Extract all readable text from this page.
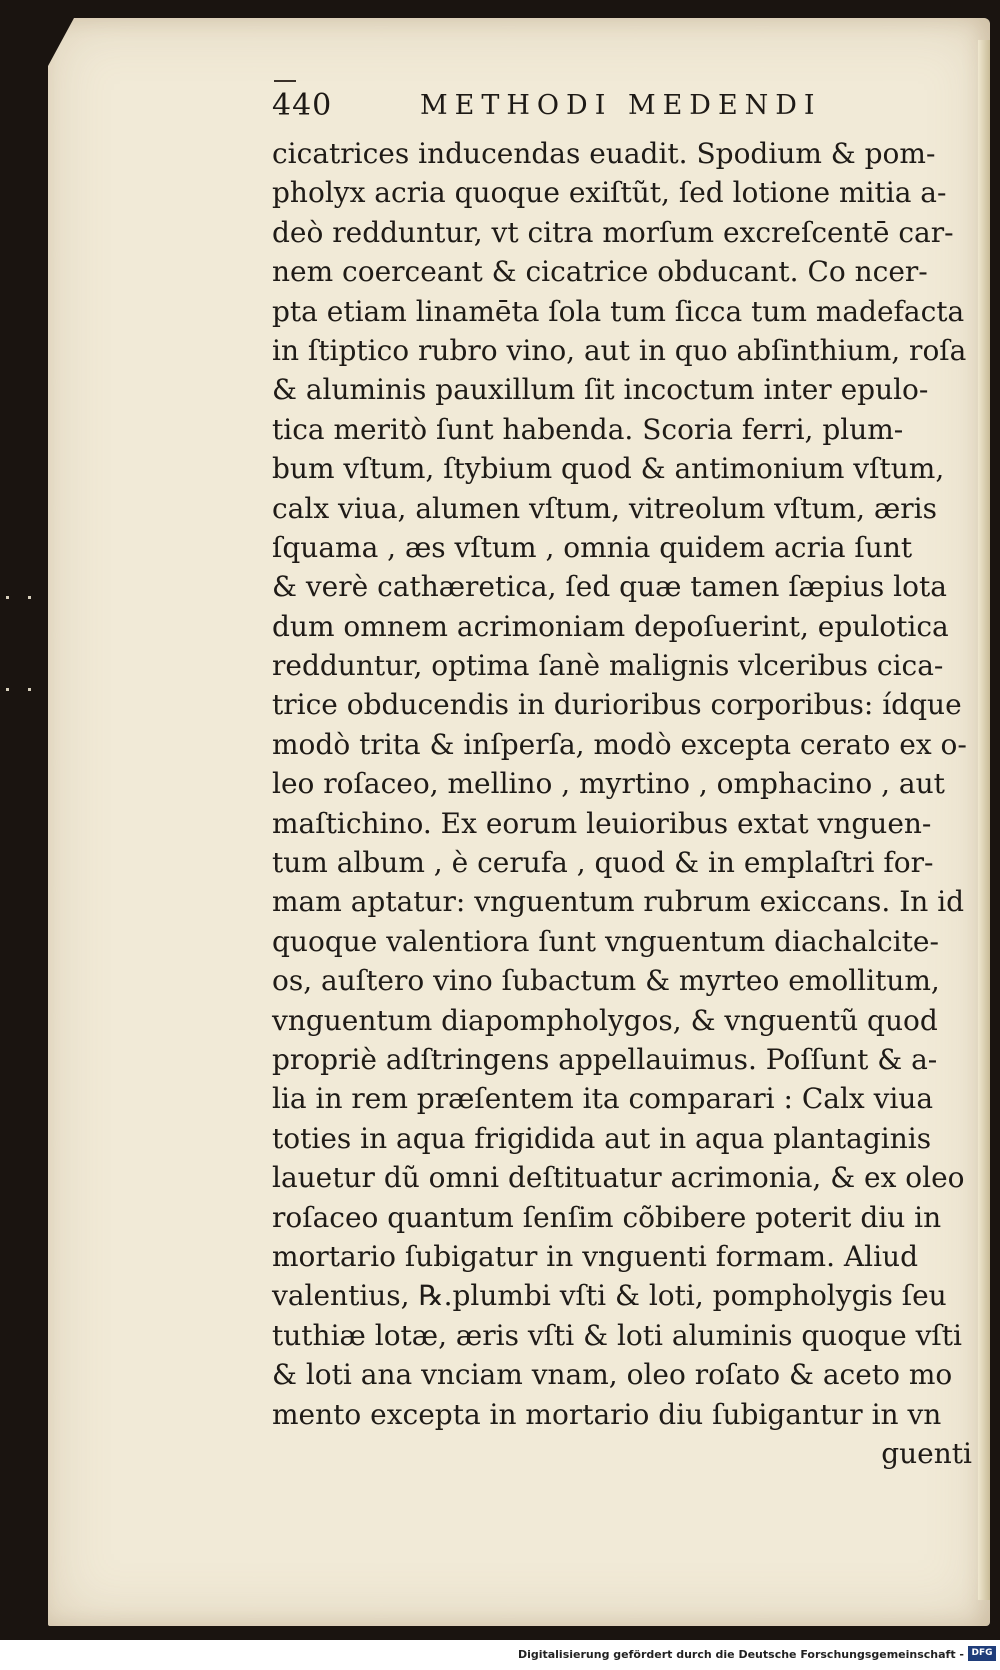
440	METHODI MEDENDI
cicatrices inducendas euadit. Spodium & pom-
pholyx acria quoque exiſtũt, ſed lotione mitia a-
deò redduntur, vt citra morſum excreſcentē car-
nem coerceant & cicatrice obducant. Co ncer-
pta etiam linamēta ſola tum ſicca tum madefacta
in ſtiptico rubro vino, aut in quo abſinthium, roſa
& aluminis pauxillum ſit incoctum inter epulo-
tica meritò ſunt habenda. Scoria ferri, plum-
bum vſtum, ſtybium quod & antimonium vſtum,
calx viua, alumen vſtum, vitreolum vſtum, æris
ſquama , æs vſtum , omnia quidem acria ſunt
& verè cathæretica, ſed quæ tamen ſæpius lota
dum omnem acrimoniam depoſuerint, epulotica
redduntur, optima ſanè malignis vlceribus cica-
trice obducendis in durioribus corporibus: ídque
modò trita & inſperſa, modò excepta cerato ex o-
leo roſaceo, mellino , myrtino , omphacino , aut
maſtichino. Ex eorum leuioribus extat vnguen-
tum album , è cerufa , quod & in emplaſtri for-
mam aptatur: vnguentum rubrum exiccans. In id
quoque valentiora ſunt vnguentum diachalcite-
os, auſtero vino ſubactum & myrteo emollitum,
vnguentum diapompholygos, & vnguentũ quod
propriè adſtringens appellauimus. Poſſunt & a-
lia in rem præſentem ita comparari : Calx viua
toties in aqua frigidida aut in aqua plantaginis
lauetur dũ omni deſtituatur acrimonia, & ex oleo
roſaceo quantum ſenſim cõbibere poterit diu in
mortario ſubigatur in vnguenti formam. Aliud
valentius, ℞.plumbi vſti & loti, pompholygis ſeu
tuthiæ lotæ, æris vſti & loti aluminis quoque vſti
& loti ana vnciam vnam, oleo roſato & aceto mo
mento excepta in mortario diu ſubigantur in vn
guenti
Digitalisierung gefördert durch die Deutsche Forschungsgemeinschaft - DFG
